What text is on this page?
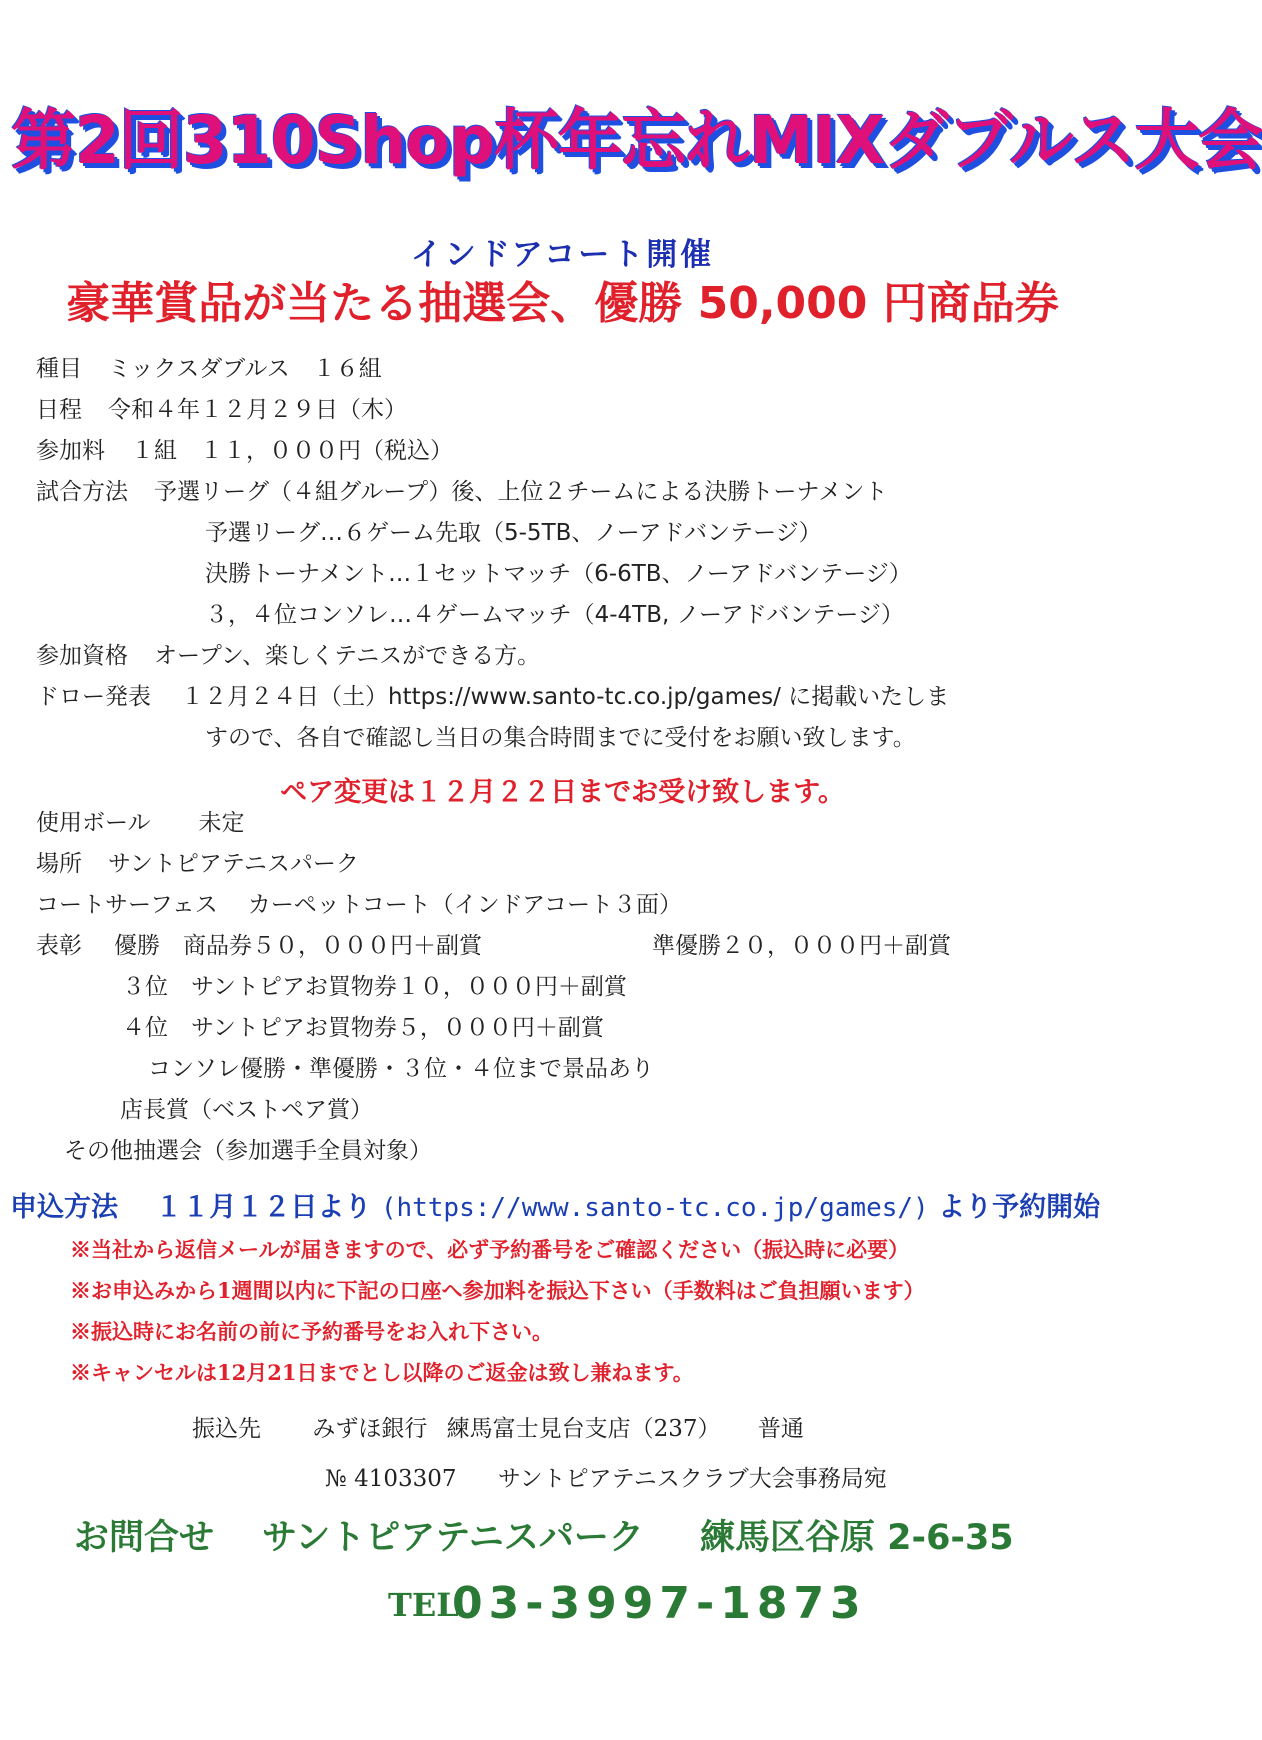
第2回310Shop杯年忘れMIXダブルス大会
インドアコート開催
豪華賞品が当たる抽選会、優勝 50,000 円商品券
種目 ミックスダブルス　１６組
日程 令和４年１２月２９日（木）
参加料 １組　１１，０００円（税込）
試合方法 予選リーグ（４組グループ）後、上位２チームによる決勝トーナメント
予選リーグ…６ゲーム先取（5-5TB、ノーアドバンテージ）
決勝トーナメント…１セットマッチ（6-6TB、ノーアドバンテージ）
３，４位コンソレ…４ゲームマッチ（4-4TB, ノーアドバンテージ）
参加資格 オープン、楽しくテニスができる方。
ドロー発表 １２月２４日（土）https://www.santo-tc.co.jp/games/ に掲載いたしま
すので、各自で確認し当日の集合時間までに受付をお願い致します。
ペア変更は１２月２２日までお受け致します。
使用ボール 未定
場所 サントピアテニスパーク
コートサーフェス カーペットコート（インドアコート３面）
表彰 優勝　商品券５０，０００円＋副賞	準優勝２０，０００円＋副賞
３位　サントピアお買物券１０，０００円＋副賞
４位　サントピアお買物券５，０００円＋副賞
コンソレ優勝・準優勝・３位・４位まで景品あり
店長賞（ベストペア賞）
その他抽選会（参加選手全員対象）
申込方法 １１月１２日より (https://www.santo-tc.co.jp/games/) より予約開始
※当社から返信メールが届きますので、必ず予約番号をご確認ください（振込時に必要）
※お申込みから1週間以内に下記の口座へ参加料を振込下さい（手数料はご負担願います）
※振込時にお名前の前に予約番号をお入れ下さい。
※キャンセルは12月21日までとし以降のご返金は致し兼ねます。
振込先 みずほ銀行 練馬富士見台支店（237） 普通
№ 4103307 サントピアテニスクラブ大会事務局宛
お問合せ サントピアテニスパーク 練馬区谷原 2-6-35
TEL
03-3997-1873
